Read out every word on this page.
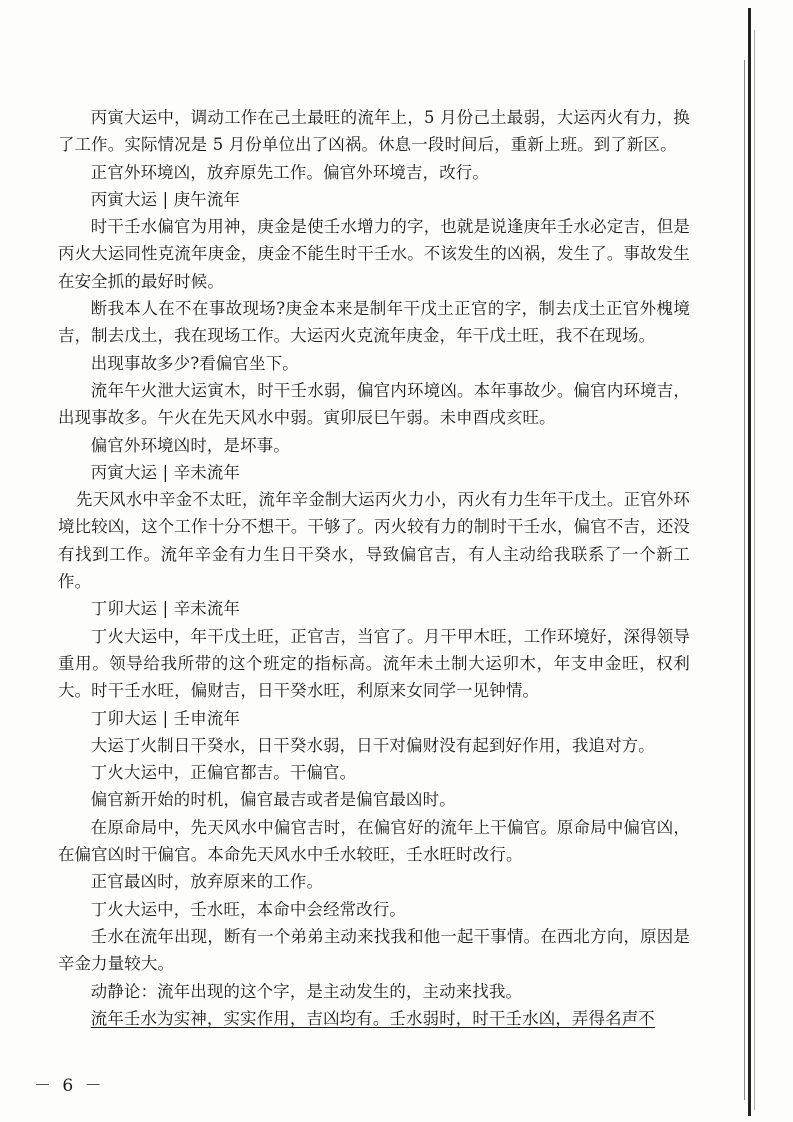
丙寅大运中，调动工作在己土最旺的流年上，5 月份己土最弱，大运丙火有力，换了工作。实际情况是 5 月份单位出了凶祸。休息一段时间后，重新上班。到了新区。

正官外环境凶，放弃原先工作。偏官外环境吉，改行。

丙寅大运 | 庚午流年

时干壬水偏官为用神，庚金是使壬水增力的字，也就是说逢庚年壬水必定吉，但是丙火大运同性克流年庚金，庚金不能生时干壬水。不该发生的凶祸，发生了。事故发生在安全抓的最好时候。

断我本人在不在事故现场?庚金本来是制年干戊土正官的字，制去戊土正官外槐境吉，制去戊土，我在现场工作。大运丙火克流年庚金，年干戊土旺，我不在现场。

出现事故多少?看偏官坐下。

流年午火泄大运寅木，时干壬水弱，偏官内环境凶。本年事故少。偏官内环境吉，出现事故多。午火在先天风水中弱。寅卯辰巳午弱。未申酉戌亥旺。

偏官外环境凶时，是坏事。

丙寅大运 | 辛未流年

先天风水中辛金不太旺，流年辛金制大运丙火力小，丙火有力生年干戊土。正官外环境比较凶，这个工作十分不想干。干够了。丙火较有力的制时干壬水，偏官不吉，还没有找到工作。流年辛金有力生日干癸水，导致偏官吉，有人主动给我联系了一个新工作。

丁卯大运 | 辛未流年

丁火大运中，年干戊土旺，正官吉，当官了。月干甲木旺，工作环境好，深得领导重用。领导给我所带的这个班定的指标高。流年未土制大运卯木，年支申金旺，权利大。时干壬水旺，偏财吉，日干癸水旺，利原来女同学一见钟情。

丁卯大运 | 壬申流年

大运丁火制日干癸水，日干癸水弱，日干对偏财没有起到好作用，我追对方。

丁火大运中，正偏官都吉。干偏官。

偏官新开始的时机，偏官最吉或者是偏官最凶时。

在原命局中，先天风水中偏官吉时，在偏官好的流年上干偏官。原命局中偏官凶，在偏官凶时干偏官。本命先天风水中壬水较旺，壬水旺时改行。

正官最凶时，放弃原来的工作。

丁火大运中，壬水旺，本命中会经常改行。

壬水在流年出现，断有一个弟弟主动来找我和他一起干事情。在西北方向，原因是辛金力量较大。

动静论：流年出现的这个字，是主动发生的，主动来找我。

流年壬水为实神，实实作用，吉凶均有。壬水弱时，时干壬水凶，弄得名声不

－ 6 －
